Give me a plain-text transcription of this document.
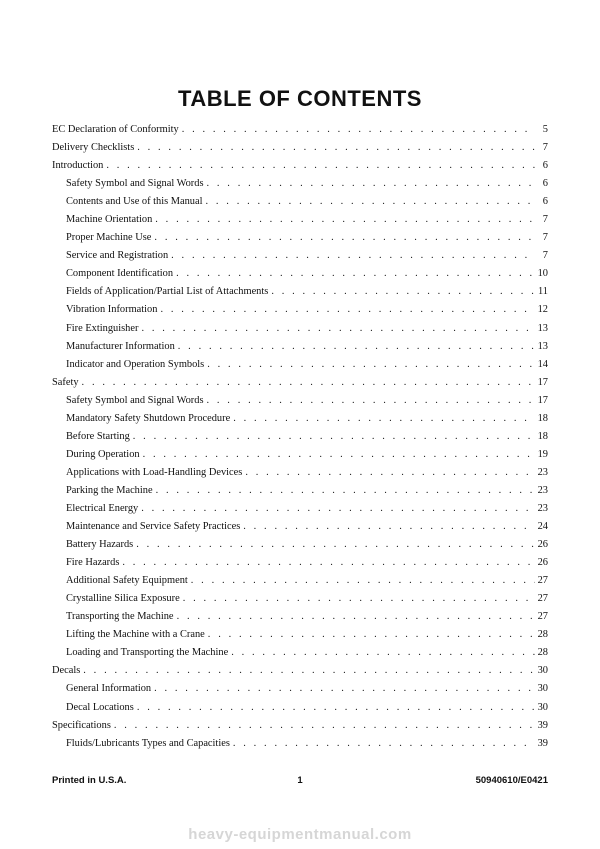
TABLE OF CONTENTS
EC Declaration of Conformity . . .	5
Delivery Checklists . . .	7
Introduction . . .	6
Safety Symbol and Signal Words . . .	6
Contents and Use of this Manual . . .	6
Machine Orientation . . .	7
Proper Machine Use . . .	7
Service and Registration . . .	7
Component Identification . . .	10
Fields of Application/Partial List of Attachments . . .	11
Vibration Information . . .	12
Fire Extinguisher . . .	13
Manufacturer Information . . .	13
Indicator and Operation Symbols . . .	14
Safety . . .	17
Safety Symbol and Signal Words . . .	17
Mandatory Safety Shutdown Procedure . . .	18
Before Starting . . .	18
During Operation . . .	19
Applications with Load-Handling Devices . . .	23
Parking the Machine . . .	23
Electrical Energy . . .	23
Maintenance and Service Safety Practices . . .	24
Battery Hazards . . .	26
Fire Hazards . . .	26
Additional Safety Equipment . . .	27
Crystalline Silica Exposure . . .	27
Transporting the Machine . . .	27
Lifting the Machine with a Crane . . .	28
Loading and Transporting the Machine . . .	28
Decals . . .	30
General Information . . .	30
Decal Locations . . .	30
Specifications . . .	39
Fluids/Lubricants Types and Capacities . . .	39
Printed in U.S.A.	1	50940610/E0421
heavy-equipmentmanual.com
